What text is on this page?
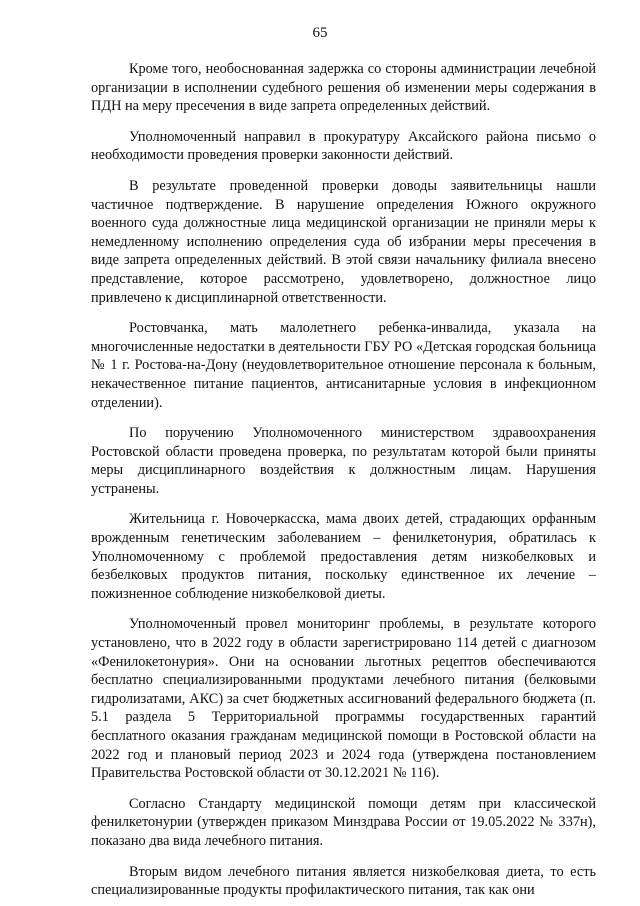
65

Кроме того, необоснованная задержка со стороны администрации лечебной организации в исполнении судебного решения об изменении меры содержания в ПДН на меру пресечения в виде запрета определенных действий.

Уполномоченный направил в прокуратуру Аксайского района письмо о необходимости проведения проверки законности действий.

В результате проведенной проверки доводы заявительницы нашли частичное подтверждение. В нарушение определения Южного окружного военного суда должностные лица медицинской организации не приняли меры к немедленному исполнению определения суда об избрании меры пресечения в виде запрета определенных действий. В этой связи начальнику филиала внесено представление, которое рассмотрено, удовлетворено, должностное лицо привлечено к дисциплинарной ответственности.

Ростовчанка, мать малолетнего ребенка-инвалида, указала на многочисленные недостатки в деятельности ГБУ РО «Детская городская больница № 1 г. Ростова-на-Дону (неудовлетворительное отношение персонала к больным, некачественное питание пациентов, антисанитарные условия в инфекционном отделении).

По поручению Уполномоченного министерством здравоохранения Ростовской области проведена проверка, по результатам которой были приняты меры дисциплинарного воздействия к должностным лицам. Нарушения устранены.

Жительница г. Новочеркасска, мама двоих детей, страдающих орфанным врожденным генетическим заболеванием – фенилкетонурия, обратилась к Уполномоченному с проблемой предоставления детям низкобелковых и безбелковых продуктов питания, поскольку единственное их лечение – пожизненное соблюдение низкобелковой диеты.

Уполномоченный провел мониторинг проблемы, в результате которого установлено, что в 2022 году в области зарегистрировано 114 детей с диагнозом «Фенилокетонурия». Они на основании льготных рецептов обеспечиваются бесплатно специализированными продуктами лечебного питания (белковыми гидролизатами, АКС) за счет бюджетных ассигнований федерального бюджета (п. 5.1 раздела 5 Территориальной программы государственных гарантий бесплатного оказания гражданам медицинской помощи в Ростовской области на 2022 год и плановый период 2023 и 2024 года (утверждена постановлением Правительства Ростовской области от 30.12.2021 № 116).

Согласно Стандарту медицинской помощи детям при классической фенилкетонурии (утвержден приказом Минздрава России от 19.05.2022 № 337н), показано два вида лечебного питания.

Вторым видом лечебного питания является низкобелковая диета, то есть специализированные продукты профилактического питания, так как они
